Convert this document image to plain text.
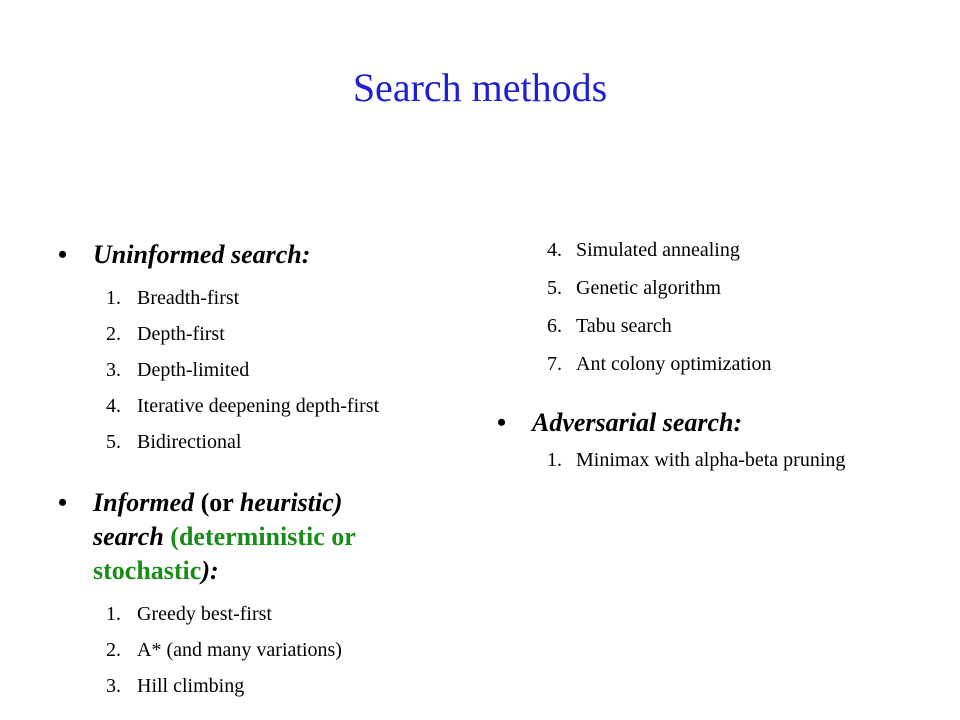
Search methods
• Uninformed search:
1. Breadth-first
2. Depth-first
3. Depth-limited
4. Iterative deepening depth-first
5. Bidirectional
• Informed (or heuristic)
search (deterministic or stochastic):
1. Greedy best-first
2. A* (and many variations)
3. Hill climbing
4. Simulated annealing
5. Genetic algorithm
6. Tabu search
7. Ant colony optimization
• Adversarial search:
1. Minimax with alpha-beta pruning
